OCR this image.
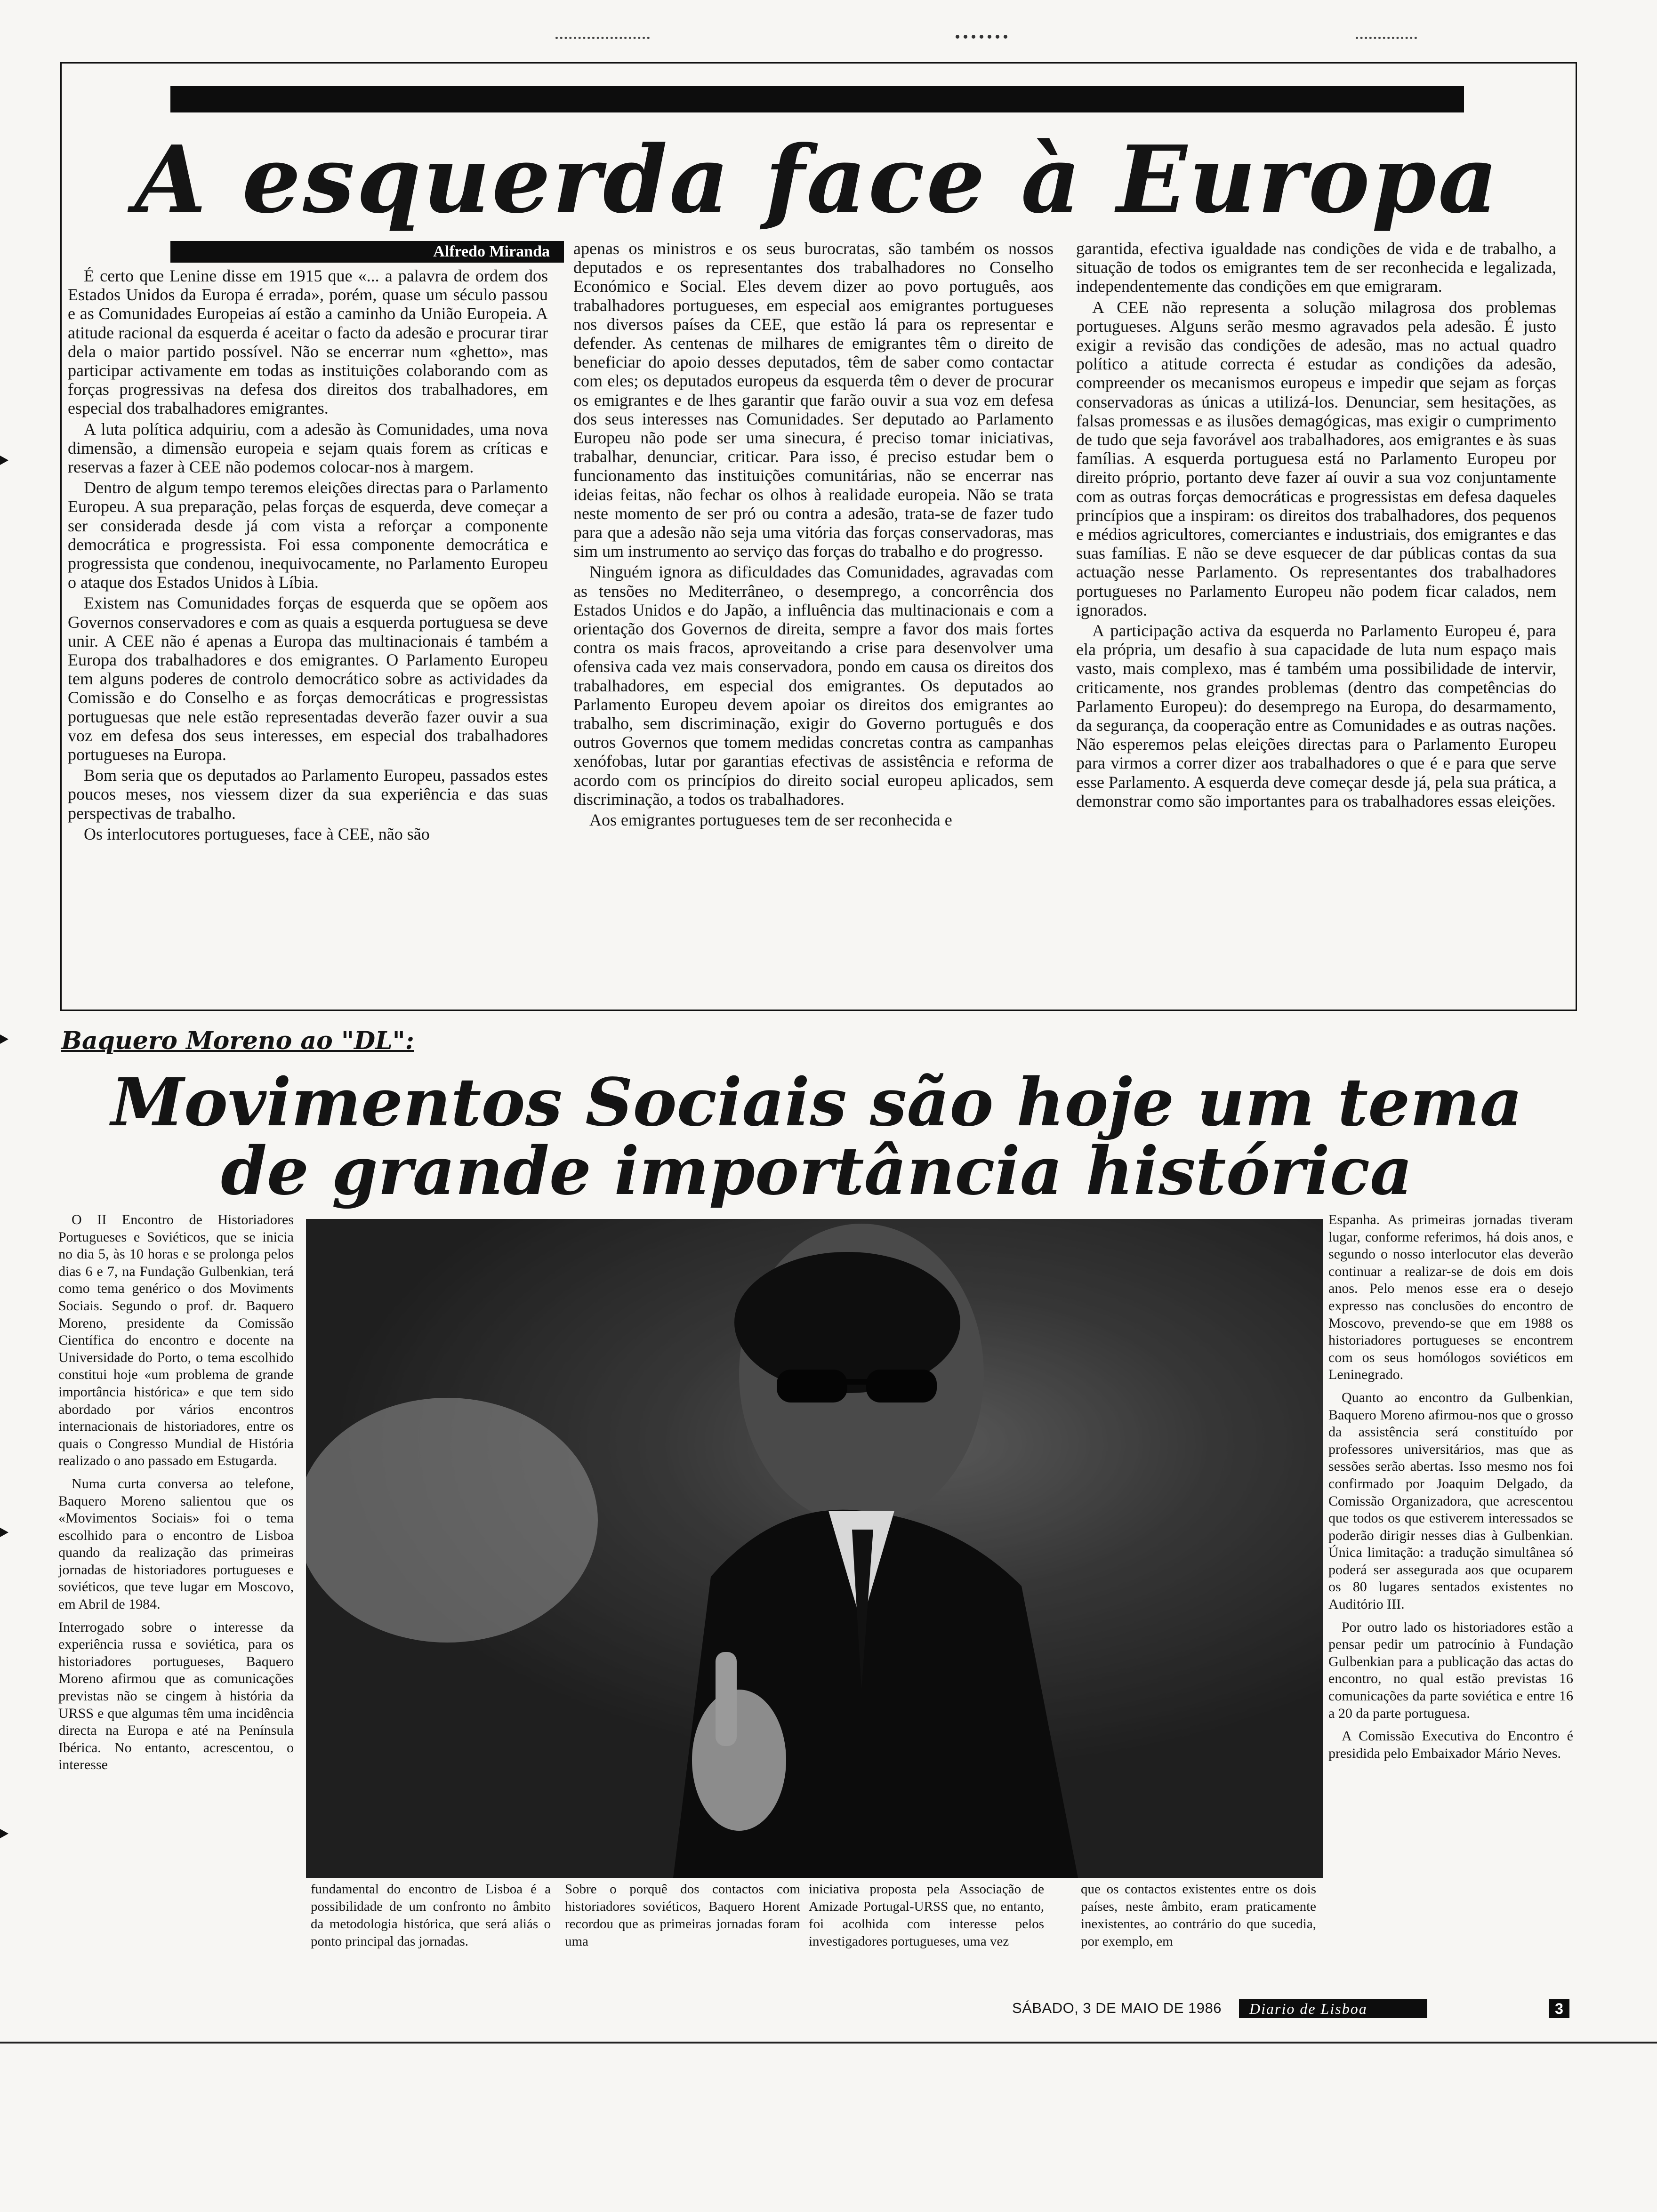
A esquerda face à Europa
Alfredo Miranda

É certo que Lenine disse em 1915 que «... a palavra de ordem dos Estados Unidos da Europa é errada», porém, quase um século passou e as Comunidades Europeias aí estão a caminho da União Europeia. A atitude racional da esquerda é aceitar o facto da adesão e procurar tirar dela o maior partido possível. Não se encerrar num «ghetto», mas participar activamente em todas as instituições colaborando com as forças progressivas na defesa dos direitos dos trabalhadores, em especial dos trabalhadores emigrantes.

A luta política adquiriu, com a adesão às Comunidades, uma nova dimensão, a dimensão europeia e sejam quais forem as críticas e reservas a fazer à CEE não podemos colocar-nos à margem.

Dentro de algum tempo teremos eleições directas para o Parlamento Europeu. A sua preparação, pelas forças de esquerda, deve começar a ser considerada desde já com vista a reforçar a componente democrática e progressista. Foi essa componente democrática e progressista que condenou, inequivocamente, no Parlamento Europeu o ataque dos Estados Unidos à Líbia.

Existem nas Comunidades forças de esquerda que se opõem aos Governos conservadores e com as quais a esquerda portuguesa se deve unir. A CEE não é apenas a Europa das multinacionais é também a Europa dos trabalhadores e dos emigrantes. O Parlamento Europeu tem alguns poderes de controlo democrático sobre as actividades da Comissão e do Conselho e as forças democráticas e progressistas portuguesas que nele estão representadas deverão fazer ouvir a sua voz em defesa dos seus interesses, em especial dos trabalhadores portugueses na Europa.

Bom seria que os deputados ao Parlamento Europeu, passados estes poucos meses, nos viessem dizer da sua experiência e das suas perspectivas de trabalho.

Os interlocutores portugueses, face à CEE, não são

apenas os ministros e os seus burocratas, são também os nossos deputados e os representantes dos trabalhadores no Conselho Económico e Social. Eles devem dizer ao povo português, aos trabalhadores portugueses, em especial aos emigrantes portugueses nos diversos países da CEE, que estão lá para os representar e defender. As centenas de milhares de emigrantes têm o direito de beneficiar do apoio desses deputados, têm de saber como contactar com eles; os deputados europeus da esquerda têm o dever de procurar os emigrantes e de lhes garantir que farão ouvir a sua voz em defesa dos seus interesses nas Comunidades. Ser deputado ao Parlamento Europeu não pode ser uma sinecura, é preciso tomar iniciativas, trabalhar, denunciar, criticar. Para isso, é preciso estudar bem o funcionamento das instituições comunitárias, não se encerrar nas ideias feitas, não fechar os olhos à realidade europeia. Não se trata neste momento de ser pró ou contra a adesão, trata-se de fazer tudo para que a adesão não seja uma vitória das forças conservadoras, mas sim um instrumento ao serviço das forças do trabalho e do progresso.

Ninguém ignora as dificuldades das Comunidades, agravadas com as tensões no Mediterrâneo, o desemprego, a concorrência dos Estados Unidos e do Japão, a influência das multinacionais e com a orientação dos Governos de direita, sempre a favor dos mais fortes contra os mais fracos, aproveitando a crise para desenvolver uma ofensiva cada vez mais conservadora, pondo em causa os direitos dos trabalhadores, em especial dos emigrantes. Os deputados ao Parlamento Europeu devem apoiar os direitos dos emigrantes ao trabalho, sem discriminação, exigir do Governo português e dos outros Governos que tomem medidas concretas contra as campanhas xenófobas, lutar por garantias efectivas de assistência e reforma de acordo com os princípios do direito social europeu aplicados, sem discriminação, a todos os trabalhadores.

Aos emigrantes portugueses tem de ser reconhecida e

garantida, efectiva igualdade nas condições de vida e de trabalho, a situação de todos os emigrantes tem de ser reconhecida e legalizada, independentemente das condições em que emigraram.

A CEE não representa a solução milagrosa dos problemas portugueses. Alguns serão mesmo agravados pela adesão. É justo exigir a revisão das condições de adesão, mas no actual quadro político a atitude correcta é estudar as condições da adesão, compreender os mecanismos europeus e impedir que sejam as forças conservadoras as únicas a utilizá-los. Denunciar, sem hesitações, as falsas promessas e as ilusões demagógicas, mas exigir o cumprimento de tudo que seja favorável aos trabalhadores, aos emigrantes e às suas famílias. A esquerda portuguesa está no Parlamento Europeu por direito próprio, portanto deve fazer aí ouvir a sua voz conjuntamente com as outras forças democráticas e progressistas em defesa daqueles princípios que a inspiram: os direitos dos trabalhadores, dos pequenos e médios agricultores, comerciantes e industriais, dos emigrantes e das suas famílias. E não se deve esquecer de dar públicas contas da sua actuação nesse Parlamento. Os representantes dos trabalhadores portugueses no Parlamento Europeu não podem ficar calados, nem ignorados.

A participação activa da esquerda no Parlamento Europeu é, para ela própria, um desafio à sua capacidade de luta num espaço mais vasto, mais complexo, mas é também uma possibilidade de intervir, criticamente, nos grandes problemas (dentro das competências do Parlamento Europeu): do desemprego na Europa, do desarmamento, da segurança, da cooperação entre as Comunidades e as outras nações. Não esperemos pelas eleições directas para o Parlamento Europeu para virmos a correr dizer aos trabalhadores o que é e para que serve esse Parlamento. A esquerda deve começar desde já, pela sua prática, a demonstrar como são importantes para os trabalhadores essas eleições.

Baquero Moreno ao "DL":
Movimentos Sociais são hoje um tema
de grande importância histórica

O II Encontro de Historiadores Portugueses e Soviéticos, que se inicia no dia 5, às 10 horas e se prolonga pelos dias 6 e 7, na Fundação Gulbenkian, terá como tema genérico o dos Moviments Sociais. Segundo o prof. dr. Baquero Moreno, presidente da Comissão Científica do encontro e docente na Universidade do Porto, o tema escolhido constitui hoje «um problema de grande importância histórica» e que tem sido abordado por vários encontros internacionais de historiadores, entre os quais o Congresso Mundial de História realizado o ano passado em Estugarda.

Numa curta conversa ao telefone, Baquero Moreno salientou que os «Movimentos Sociais» foi o tema escolhido para o encontro de Lisboa quando da realização das primeiras jornadas de historiadores portugueses e soviéticos, que teve lugar em Moscovo, em Abril de 1984.

Interrogado sobre o interesse da experiência russa e soviética, para os historiadores portugueses, Baquero Moreno afirmou que as comunicações previstas não se cingem à história da URSS e que algumas têm uma incidência directa na Europa e até na Península Ibérica. No entanto, acrescentou, o interesse

Espanha. As primeiras jornadas tiveram lugar, conforme referimos, há dois anos, e segundo o nosso interlocutor elas deverão continuar a realizar-se de dois em dois anos. Pelo menos esse era o desejo expresso nas conclusões do encontro de Moscovo, prevendo-se que em 1988 os historiadores portugueses se encontrem com os seus homólogos soviéticos em Leninegrado.

Quanto ao encontro da Gulbenkian, Baquero Moreno afirmou-nos que o grosso da assistência será constituído por professores universitários, mas que as sessões serão abertas. Isso mesmo nos foi confirmado por Joaquim Delgado, da Comissão Organizadora, que acrescentou que todos os que estiverem interessados se poderão dirigir nesses dias à Gulbenkian. Única limitação: a tradução simultânea só poderá ser assegurada aos que ocuparem os 80 lugares sentados existentes no Auditório III.

Por outro lado os historiadores estão a pensar pedir um patrocínio à Fundação Gulbenkian para a publicação das actas do encontro, no qual estão previstas 16 comunicações da parte soviética e entre 16 a 20 da parte portuguesa.

A Comissão Executiva do Encontro é presidida pelo Embaixador Mário Neves.

fundamental do encontro de Lisboa é a possibilidade de um confronto no âmbito da metodologia histórica, que será aliás o ponto principal das jornadas.

Sobre o porquê dos contactos com historiadores soviéticos, Baquero Horent recordou que as primeiras jornadas foram uma

iniciativa proposta pela Associação de Amizade Portugal-URSS que, no entanto, foi acolhida com interesse pelos investigadores portugueses, uma vez

que os contactos existentes entre os dois países, neste âmbito, eram praticamente inexistentes, ao contrário do que sucedia, por exemplo, em

SÁBADO, 3 DE MAIO DE 1986 Diario de Lisboa	3
